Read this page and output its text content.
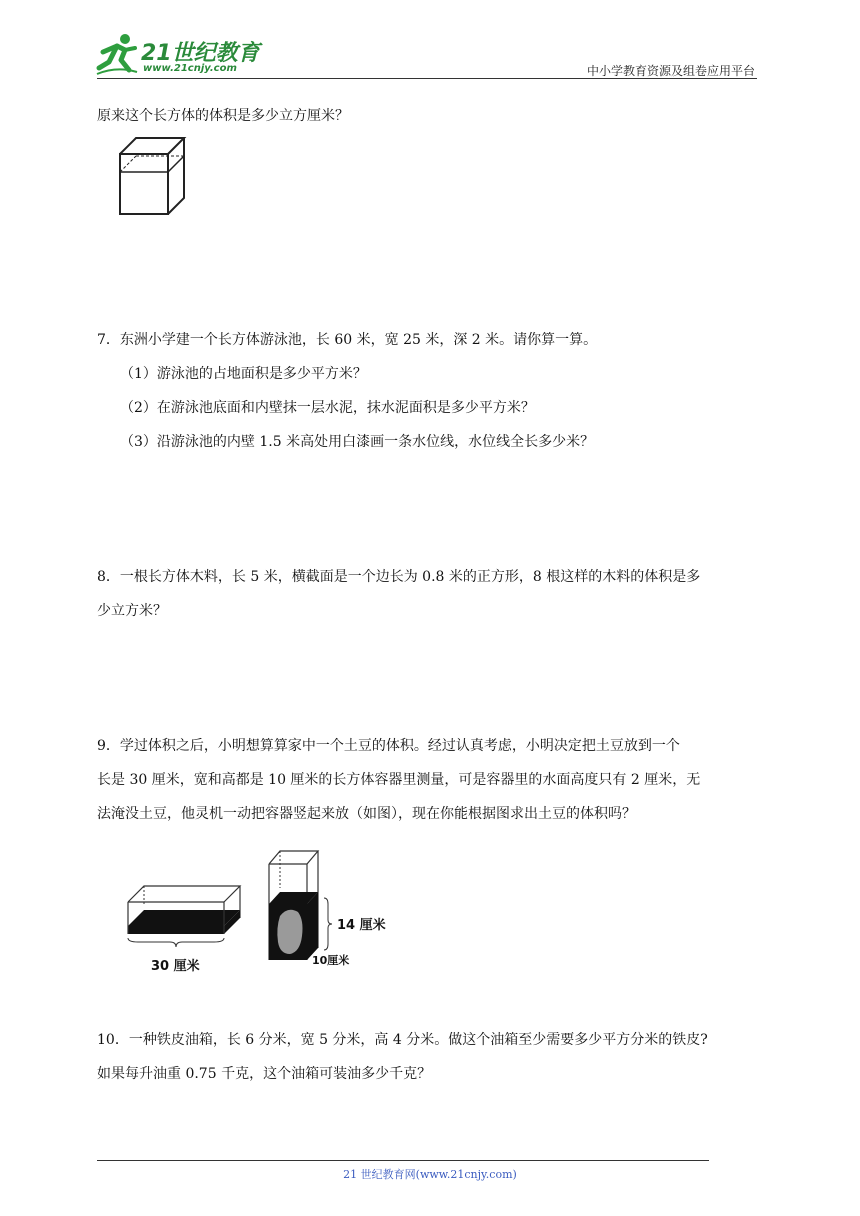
21世纪教育
www.21cnjy.com	中小学教育资源及组卷应用平台
原来这个长方体的体积是多少立方厘米？
7．东洲小学建一个长方体游泳池，长 60 米，宽 25 米，深 2 米。请你算一算。
（1）游泳池的占地面积是多少平方米？
（2）在游泳池底面和内壁抹一层水泥，抹水泥面积是多少平方米？
（3）沿游泳池的内壁 1.5 米高处用白漆画一条水位线，水位线全长多少米？
8．一根长方体木料，长 5 米，横截面是一个边长为 0.8 米的正方形，8 根这样的木料的体积是多
少立方米？
9．学过体积之后，小明想算算家中一个土豆的体积。经过认真考虑，小明决定把土豆放到一个
长是 30 厘米，宽和高都是 10 厘米的长方体容器里测量，可是容器里的水面高度只有 2 厘米，无
法淹没土豆，他灵机一动把容器竖起来放（如图），现在你能根据图求出土豆的体积吗？
30 厘米
14 厘米
10厘米
10．一种铁皮油箱，长 6 分米，宽 5 分米，高 4 分米。做这个油箱至少需要多少平方分米的铁皮?
如果每升油重 0.75 千克，这个油箱可装油多少千克？
21 世纪教育网(www.21cnjy.com)
